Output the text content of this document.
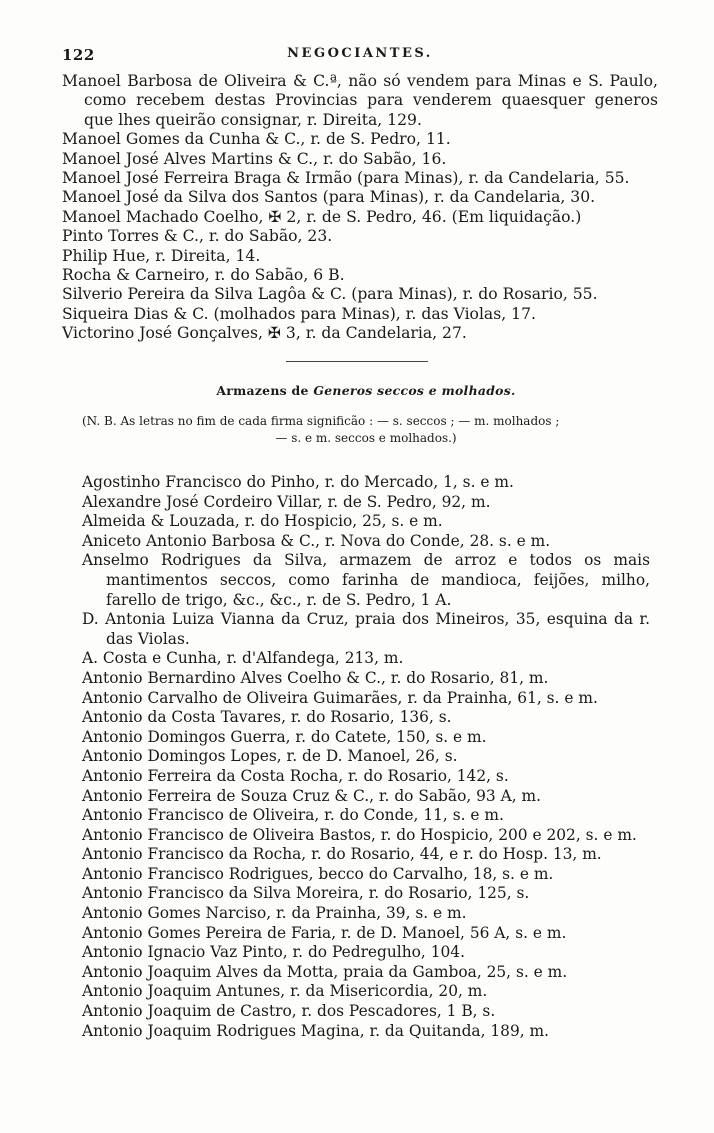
122	NEGOCIANTES.
Manoel Barbosa de Oliveira & C.ª, não só vendem para Minas e S. Paulo, como recebem destas Provincias para venderem quaesquer generos que lhes queirão consignar, r. Direita, 129.
Manoel Gomes da Cunha & C., r. de S. Pedro, 11.
Manoel José Alves Martins & C., r. do Sabão, 16.
Manoel José Ferreira Braga & Irmão (para Minas), r. da Candelaria, 55.
Manoel José da Silva dos Santos (para Minas), r. da Candelaria, 30.
Manoel Machado Coelho, ✠ 2, r. de S. Pedro, 46. (Em liquidação.)
Pinto Torres & C., r. do Sabão, 23.
Philip Hue, r. Direita, 14.
Rocha & Carneiro, r. do Sabão, 6 B.
Silverio Pereira da Silva Lagôa & C. (para Minas), r. do Rosario, 55.
Siqueira Dias & C. (molhados para Minas), r. das Violas, 17.
Victorino José Gonçalves, ✠ 3, r. da Candelaria, 27.
Armazens de Generos seccos e molhados.
(N. B. As letras no fim de cada firma significão : — s. seccos ; — m. molhados ;
— s. e m. seccos e molhados.)
Agostinho Francisco do Pinho, r. do Mercado, 1, s. e m.
Alexandre José Cordeiro Villar, r. de S. Pedro, 92, m.
Almeida & Louzada, r. do Hospicio, 25, s. e m.
Aniceto Antonio Barbosa & C., r. Nova do Conde, 28. s. e m.
Anselmo Rodrigues da Silva, armazem de arroz e todos os mais mantimentos seccos, como farinha de mandioca, feijões, milho, farello de trigo, &c., &c., r. de S. Pedro, 1 A.
D. Antonia Luiza Vianna da Cruz, praia dos Mineiros, 35, esquina da r. das Violas.
A. Costa e Cunha, r. d'Alfandega, 213, m.
Antonio Bernardino Alves Coelho & C., r. do Rosario, 81, m.
Antonio Carvalho de Oliveira Guimarães, r. da Prainha, 61, s. e m.
Antonio da Costa Tavares, r. do Rosario, 136, s.
Antonio Domingos Guerra, r. do Catete, 150, s. e m.
Antonio Domingos Lopes, r. de D. Manoel, 26, s.
Antonio Ferreira da Costa Rocha, r. do Rosario, 142, s.
Antonio Ferreira de Souza Cruz & C., r. do Sabão, 93 A, m.
Antonio Francisco de Oliveira, r. do Conde, 11, s. e m.
Antonio Francisco de Oliveira Bastos, r. do Hospicio, 200 e 202, s. e m.
Antonio Francisco da Rocha, r. do Rosario, 44, e r. do Hosp. 13, m.
Antonio Francisco Rodrigues, becco do Carvalho, 18, s. e m.
Antonio Francisco da Silva Moreira, r. do Rosario, 125, s.
Antonio Gomes Narciso, r. da Prainha, 39, s. e m.
Antonio Gomes Pereira de Faria, r. de D. Manoel, 56 A, s. e m.
Antonio Ignacio Vaz Pinto, r. do Pedregulho, 104.
Antonio Joaquim Alves da Motta, praia da Gamboa, 25, s. e m.
Antonio Joaquim Antunes, r. da Misericordia, 20, m.
Antonio Joaquim de Castro, r. dos Pescadores, 1 B, s.
Antonio Joaquim Rodrigues Magina, r. da Quitanda, 189, m.
